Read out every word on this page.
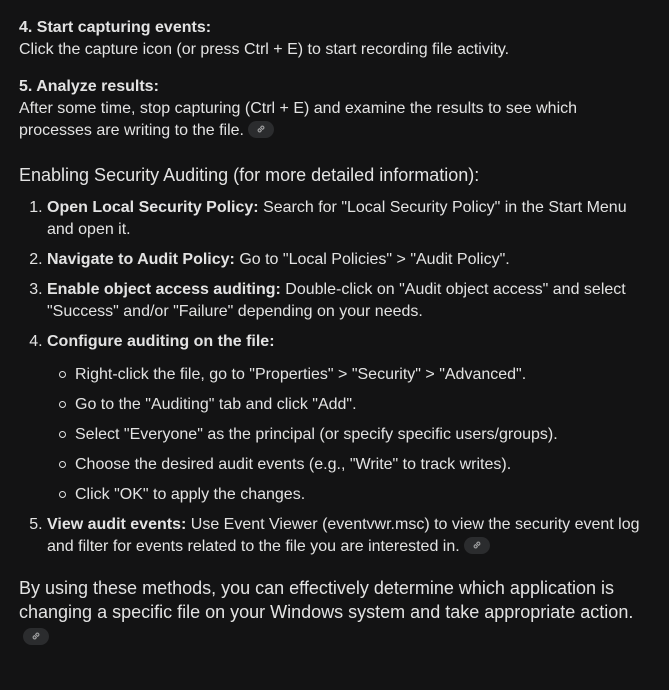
4. Start capturing events:

Click the capture icon (or press Ctrl + E) to start recording file activity.

5. Analyze results:

After some time, stop capturing (Ctrl + E) and examine the results to see which processes are writing to the file.

Enabling Security Auditing (for more detailed information):
1. Open Local Security Policy: Search for "Local Security Policy" in the Start Menu and open it.
2. Navigate to Audit Policy: Go to "Local Policies" > "Audit Policy".
3. Enable object access auditing: Double-click on "Audit object access" and select "Success" and/or "Failure" depending on your needs.
4. Configure auditing on the file:
Right-click the file, go to "Properties" > "Security" > "Advanced".
Go to the "Auditing" tab and click "Add".
Select "Everyone" as the principal (or specify specific users/groups).
Choose the desired audit events (e.g., "Write" to track writes).
Click "OK" to apply the changes.
5. View audit events: Use Event Viewer (eventvwr.msc) to view the security event log and filter for events related to the file you are interested in.

By using these methods, you can effectively determine which application is changing a specific file on your Windows system and take appropriate action.
